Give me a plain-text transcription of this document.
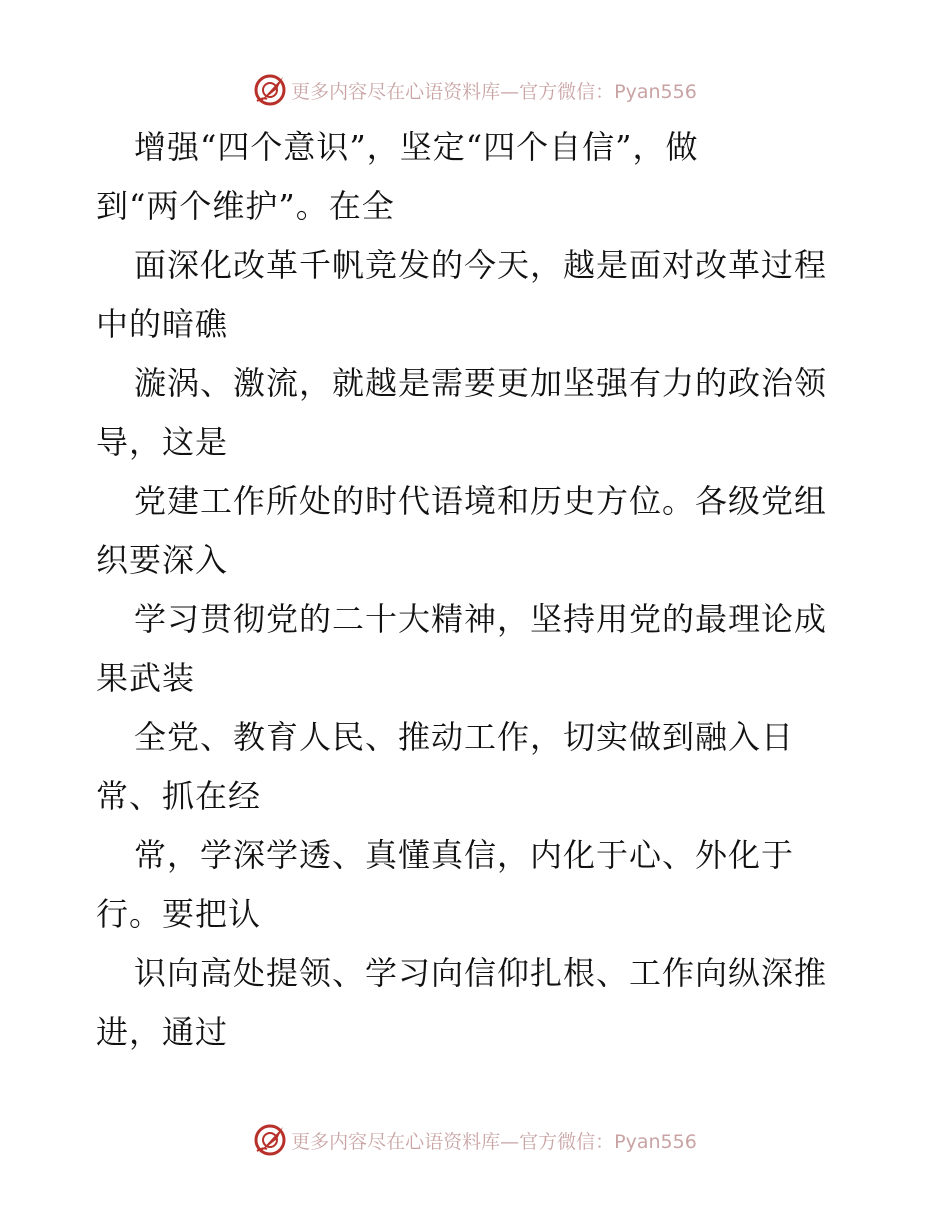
更多内容尽在心语资料库—官方微信：Pyan556
增强“四个意识”，坚定“四个自信”，做
到“两个维护”。在全
面深化改革千帆竞发的今天，越是面对改革过程
中的暗礁
漩涡、激流，就越是需要更加坚强有力的政治领
导，这是
党建工作所处的时代语境和历史方位。各级党组
织要深入
学习贯彻党的二十大精神，坚持用党的最理论成
果武装
全党、教育人民、推动工作，切实做到融入日
常、抓在经
常，学深学透、真懂真信，内化于心、外化于
行。要把认
识向高处提领、学习向信仰扎根、工作向纵深推
进，通过
更多内容尽在心语资料库—官方微信：Pyan556
